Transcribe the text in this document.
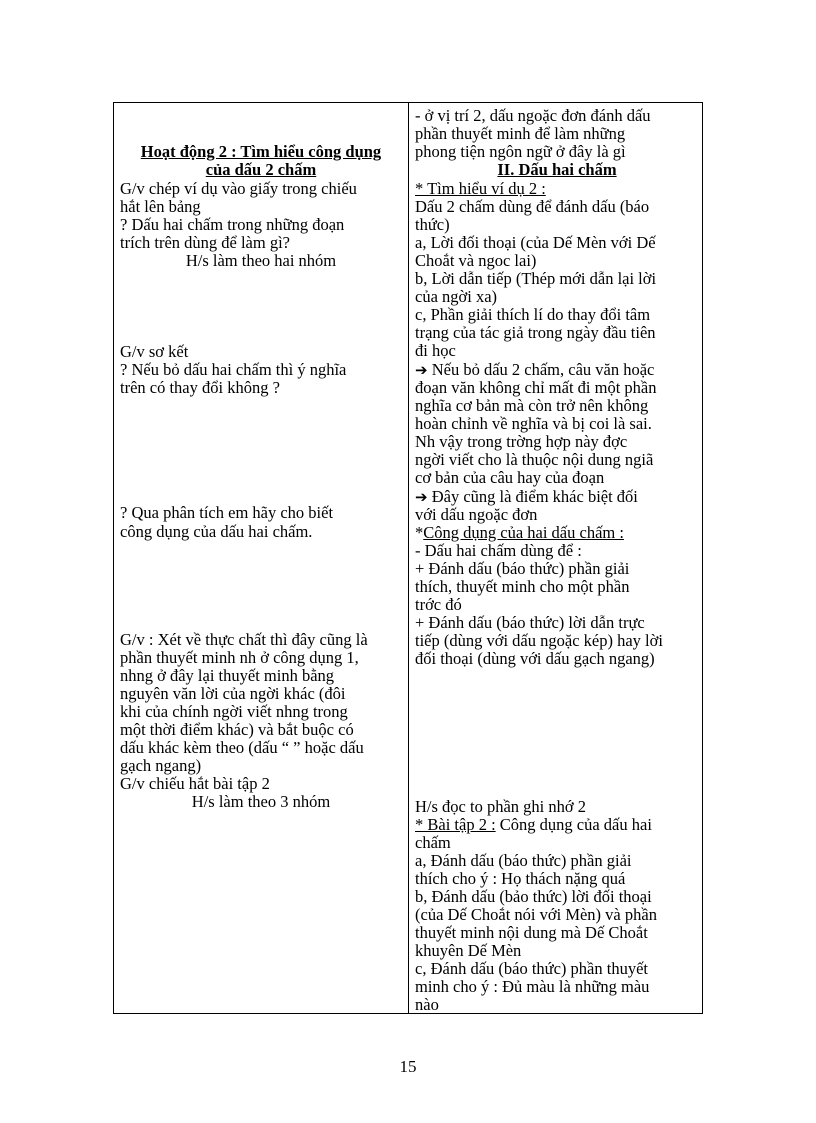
Hoạt động 2 : Tìm hiểu công dụng
của dấu 2 chấm
G/v chép ví dụ vào giấy trong chiếu
hắt lên bảng
? Dấu hai chấm trong những đoạn
trích trên dùng để làm gì?
H/s làm theo hai nhóm
G/v sơ kết
? Nếu bỏ dấu hai chấm thì ý nghĩa
trên có thay đổi không ?
? Qua phân tích em hãy cho biết
công dụng của dấu hai chấm.
G/v : Xét về thực chất thì đây cũng là
phần thuyết minh nh ở công dụng 1,
nhng ở đây lại thuyết minh bằng
nguyên văn lời của ngời khác (đôi
khi của chính ngời viết nhng trong
một thời điểm khác) và bắt buộc có
dấu khác kèm theo (dấu “ ” hoặc dấu
gạch ngang)
G/v chiếu hắt bài tập 2
H/s làm theo 3 nhóm
- ở vị trí 2, dấu ngoặc đơn đánh dấu
phần thuyết minh để làm những
phong tiện ngôn ngữ ở đây là gì
II. Dấu hai chấm
* Tìm hiểu ví dụ 2 :
Dấu 2 chấm dùng để đánh dấu (báo
thức)
a, Lời đối thoại (của Dế Mèn với Dế
Choắt và ngoc lai)
b, Lời dẫn tiếp (Thép mới dẫn lại lời
của ngời xa)
c, Phần giải thích lí do thay đổi tâm
trạng của tác giả trong ngày đầu tiên
đi học
➔ Nếu bỏ dấu 2 chấm, câu văn hoặc
đoạn văn không chỉ mất đi một phần
nghĩa cơ bản mà còn trở nên không
hoàn chỉnh về nghĩa và bị coi là sai.
Nh vậy trong trờng hợp này đợc
ngời viết cho là thuộc nội dung ngiã
cơ bản của câu hay của đoạn
➔ Đây cũng là điểm khác biệt đối
với dấu ngoặc đơn
*Công dụng của hai dấu chấm :
- Dấu hai chấm dùng để :
+ Đánh dấu (báo thức) phần giải
thích, thuyết minh cho một phần
trớc đó
+ Đánh dấu (báo thức) lời dẫn trực
tiếp (dùng với dấu ngoặc kép) hay lời
đối thoại (dùng với dấu gạch ngang)
H/s đọc to phần ghi nhớ 2
* Bài tập 2 : Công dụng của dấu hai
chấm
a, Đánh dấu (báo thức) phần giải
thích cho ý : Họ thách nặng quá
b, Đánh dấu (bảo thức) lời đối thoại
(của Dế Choắt nói với Mèn) và phần
thuyết minh nội dung mà Dế Choắt
khuyên Dế Mèn
c, Đánh dấu (báo thức) phần thuyết
minh cho ý : Đủ màu là những màu
nào
15
